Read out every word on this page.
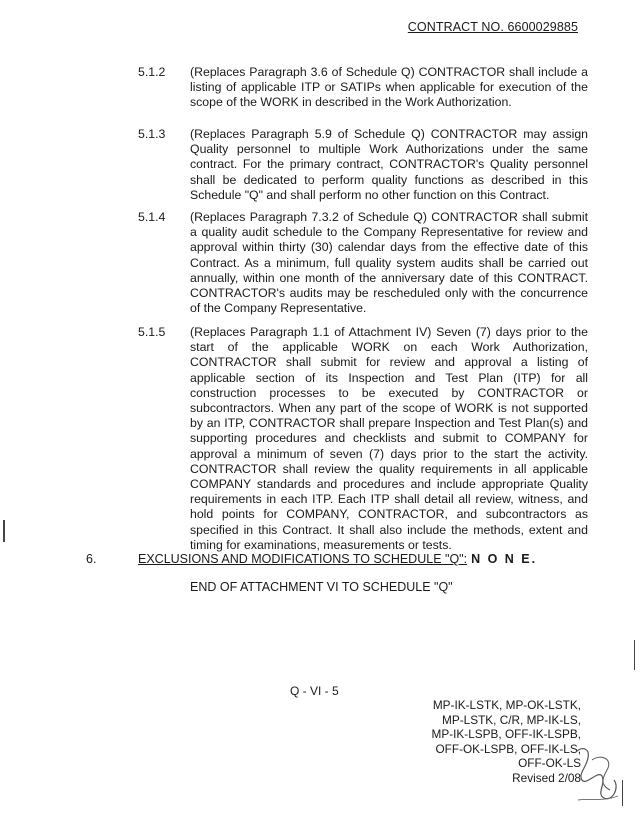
CONTRACT NO. 6600029885
5.1.2	(Replaces Paragraph 3.6 of Schedule Q) CONTRACTOR shall include a listing of applicable ITP or SATIPs when applicable for execution of the scope of the WORK in described in the Work Authorization.
5.1.3	(Replaces Paragraph 5.9 of Schedule Q) CONTRACTOR may assign Quality personnel to multiple Work Authorizations under the same contract. For the primary contract, CONTRACTOR's Quality personnel shall be dedicated to perform quality functions as described in this Schedule "Q" and shall perform no other function on this Contract.
5.1.4	(Replaces Paragraph 7.3.2 of Schedule Q) CONTRACTOR shall submit a quality audit schedule to the Company Representative for review and approval within thirty (30) calendar days from the effective date of this Contract. As a minimum, full quality system audits shall be carried out annually, within one month of the anniversary date of this CONTRACT. CONTRACTOR's audits may be rescheduled only with the concurrence of the Company Representative.
5.1.5	(Replaces Paragraph 1.1 of Attachment IV) Seven (7) days prior to the start of the applicable WORK on each Work Authorization, CONTRACTOR shall submit for review and approval a listing of applicable section of its Inspection and Test Plan (ITP) for all construction processes to be executed by CONTRACTOR or subcontractors. When any part of the scope of WORK is not supported by an ITP, CONTRACTOR shall prepare Inspection and Test Plan(s) and supporting procedures and checklists and submit to COMPANY for approval a minimum of seven (7) days prior to the start the activity. CONTRACTOR shall review the quality requirements in all applicable COMPANY standards and procedures and include appropriate Quality requirements in each ITP. Each ITP shall detail all review, witness, and hold points for COMPANY, CONTRACTOR, and subcontractors as specified in this Contract. It shall also include the methods, extent and timing for examinations, measurements or tests.
6.	EXCLUSIONS AND MODIFICATIONS TO SCHEDULE "Q": N O N E.
END OF ATTACHMENT VI TO SCHEDULE "Q"
Q - VI - 5
MP-IK-LSTK, MP-OK-LSTK,
MP-LSTK, C/R, MP-IK-LS,
MP-IK-LSPB, OFF-IK-LSPB,
OFF-OK-LSPB, OFF-IK-LS,
OFF-OK-LS
Revised 2/08
